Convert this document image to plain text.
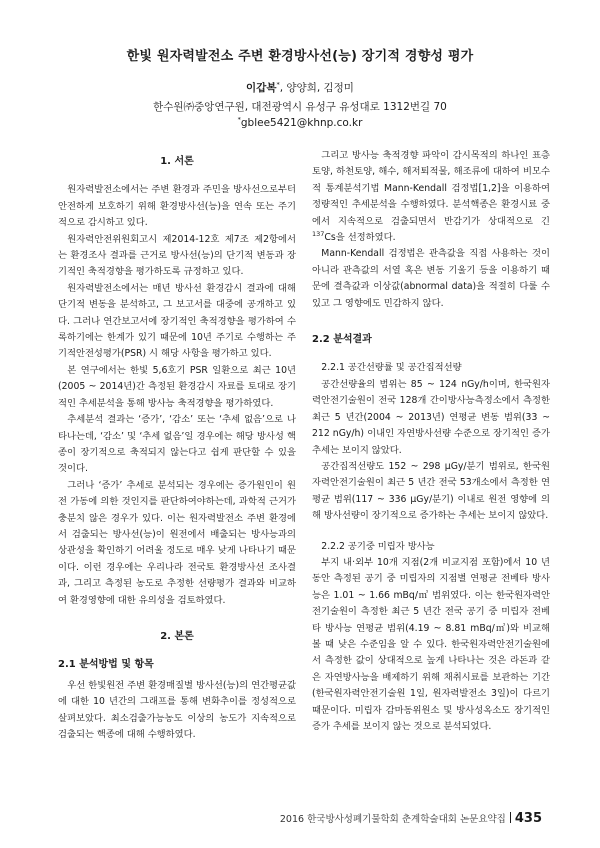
한빛 원자력발전소 주변 환경방사선(능) 장기적 경향성 평가
이갑복*, 양양희, 김정미
한수원㈜중앙연구원, 대전광역시 유성구 유성대로 1312번길 70
*gblee5421@khnp.co.kr
1. 서론

원자력발전소에서는 주변 환경과 주민을 방사선으로부터 안전하게 보호하기 위해 환경방사선(능)을 연속 또는 주기적으로 감시하고 있다.

원자력안전위원회고시 제2014-12호 제7조 제2항에서는 환경조사 결과를 근거로 방사선(능)의 단기적 변동과 장기적인 축적경향을 평가하도록 규정하고 있다.

원자력발전소에서는 매년 방사선 환경감시 결과에 대해 단기적 변동을 분석하고, 그 보고서를 대중에 공개하고 있다. 그러나 연간보고서에 장기적인 축적경향을 평가하여 수록하기에는 한계가 있기 때문에 10년 주기로 수행하는 주기적안전성평가(PSR) 시 해당 사항을 평가하고 있다.

본 연구에서는 한빛 5,6호기 PSR 일환으로 최근 10년(2005 ~ 2014년)간 측정된 환경감시 자료를 토대로 장기적인 추세분석을 통해 방사능 축적경향을 평가하였다.

추세분석 결과는 ‘증가’, ‘감소’ 또는 ‘추세 없음’으로 나타나는데, ‘감소’ 및 ‘추세 없음’일 경우에는 해당 방사성 핵종이 장기적으로 축적되지 않는다고 쉽게 판단할 수 있을 것이다.

그러나 ‘증가’ 추세로 분석되는 경우에는 증가원인이 원전 가동에 의한 것인지를 판단하여야하는데, 과학적 근거가 충분치 않은 경우가 있다. 이는 원자력발전소 주변 환경에서 검출되는 방사선(능)이 원전에서 배출되는 방사능과의 상관성을 확인하기 어려울 정도로 매우 낮게 나타나기 때문이다. 이런 경우에는 우리나라 전국토 환경방사선 조사결과, 그리고 측정된 농도로 추정한 선량평가 결과와 비교하여 환경영향에 대한 유의성을 검토하였다.

2. 본론
2.1 분석방법 및 항목

우선 한빛원전 주변 환경매질별 방사선(능)의 연간평균값에 대한 10 년간의 그래프를 통해 변화추이를 정성적으로 살펴보았다. 최소검출가능농도 이상의 농도가 지속적으로 검출되는 핵종에 대해 수행하였다.

그리고 방사능 축적경향 파악이 감시목적의 하나인 표층토양, 하천토양, 해수, 해저퇴적물, 해조류에 대하여 비모수적 통계분석기법 Mann-Kendall 검정법[1,2]을 이용하여 정량적인 추세분석을 수행하였다. 분석핵종은 환경시료 중에서 지속적으로 검출되면서 반감기가 상대적으로 긴 $^{137}$Cs을 선정하였다.

Mann-Kendall 검정법은 관측값을 직접 사용하는 것이 아니라 관측값의 서열 혹은 변동 기울기 등을 이용하기 때문에 결측값과 이상값(abnormal data)을 적절히 다룰 수 있고 그 영향에도 민감하지 않다.

2.2 분석결과

2.2.1 공간선량률 및 공간집적선량

공간선량율의 범위는 85 ~ 124 nGy/h이며, 한국원자력안전기술원이 전국 128개 간이방사능측정소에서 측정한 최근 5 년간(2004 ~ 2013년) 연평균 변동 범위(33 ~ 212 nGy/h) 이내인 자연방사선량 수준으로 장기적인 증가추세는 보이지 않았다.

공간집적선량도 152 ~ 298 μGy/분기 범위로, 한국원자력안전기술원이 최근 5 년간 전국 53개소에서 측정한 연평균 범위(117 ~ 336 μGy/분기) 이내로 원전 영향에 의해 방사선량이 장기적으로 증가하는 추세는 보이지 않았다.

2.2.2 공기중 미립자 방사능

부지 내·외부 10개 지점(2개 비교지점 포함)에서 10 년 동안 측정된 공기 중 미립자의 지점별 연평균 전베타 방사능은 1.01 ~ 1.66 mBq/㎥ 범위였다. 이는 한국원자력안전기술원이 측정한 최근 5 년간 전국 공기 중 미립자 전베타 방사능 연평균 범위(4.19 ~ 8.81 mBq/㎥)와 비교해 볼 때 낮은 수준임을 알 수 있다. 한국원자력안전기술원에서 측정한 값이 상대적으로 높게 나타나는 것은 라돈과 같은 자연방사능을 배제하기 위해 채취시료를 보관하는 기간(한국원자력안전기술원 1일, 원자력발전소 3일)이 다르기 때문이다. 미립자 감마동위원소 및 방사성옥소도 장기적인 증가 추세를 보이지 않는 것으로 분석되었다.

2016 한국방사성폐기물학회 춘계학술대회 논문요약집 435
